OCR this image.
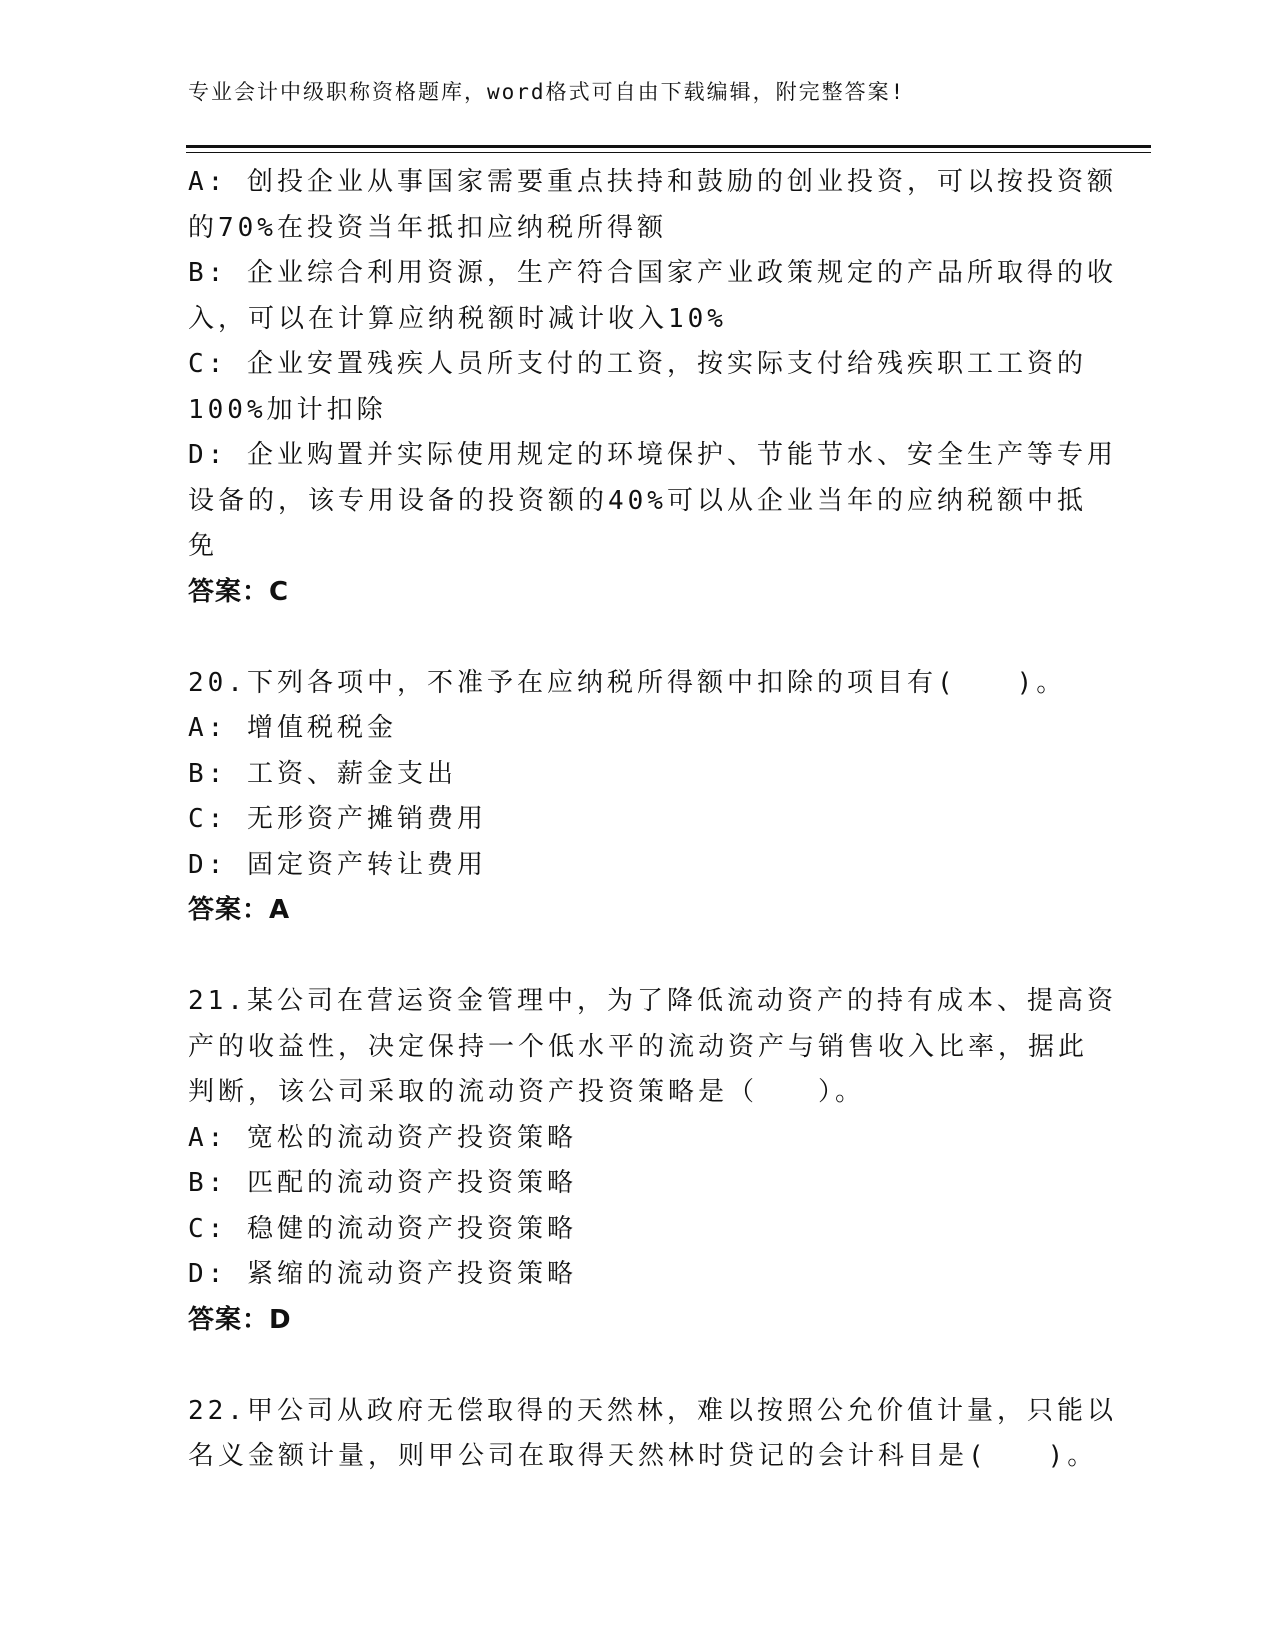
专业会计中级职称资格题库，word格式可自由下载编辑，附完整答案!
A: 创投企业从事国家需要重点扶持和鼓励的创业投资，可以按投资额
的70%在投资当年抵扣应纳税所得额
B: 企业综合利用资源，生产符合国家产业政策规定的产品所取得的收
入，可以在计算应纳税额时减计收入10%
C: 企业安置残疾人员所支付的工资，按实际支付给残疾职工工资的
100%加计扣除
D: 企业购置并实际使用规定的环境保护、节能节水、安全生产等专用
设备的，该专用设备的投资额的40%可以从企业当年的应纳税额中抵
免
答案：C
20.下列各项中，不准予在应纳税所得额中扣除的项目有(　　)。
A: 增值税税金
B: 工资、薪金支出
C: 无形资产摊销费用
D: 固定资产转让费用
答案：A
21.某公司在营运资金管理中，为了降低流动资产的持有成本、提高资
产的收益性，决定保持一个低水平的流动资产与销售收入比率，据此
判断，该公司采取的流动资产投资策略是（　　）。
A: 宽松的流动资产投资策略
B: 匹配的流动资产投资策略
C: 稳健的流动资产投资策略
D: 紧缩的流动资产投资策略
答案：D
22.甲公司从政府无偿取得的天然林，难以按照公允价值计量，只能以
名义金额计量，则甲公司在取得天然林时贷记的会计科目是(　　)。
